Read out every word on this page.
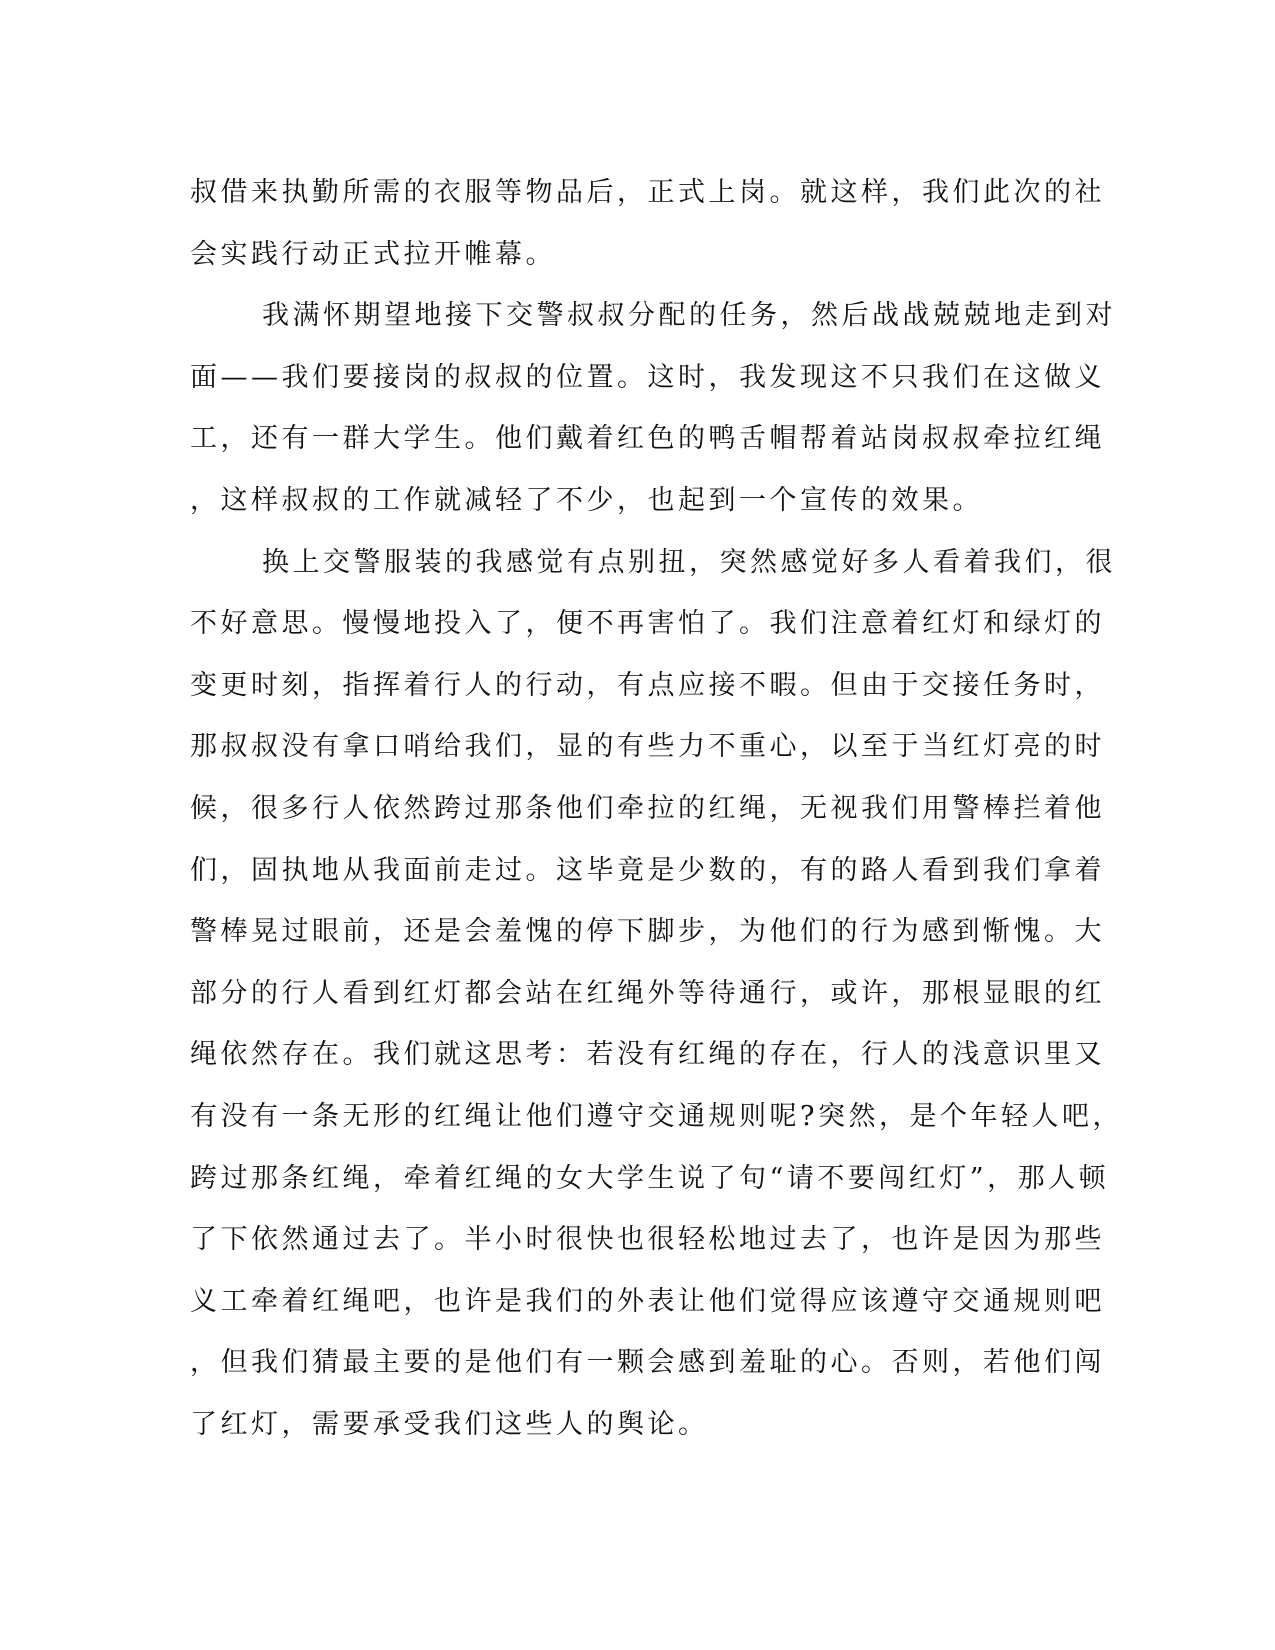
叔借来执勤所需的衣服等物品后，正式上岗。就这样，我们此次的社
会实践行动正式拉开帷幕。
我满怀期望地接下交警叔叔分配的任务，然后战战兢兢地走到对
面——我们要接岗的叔叔的位置。这时，我发现这不只我们在这做义
工，还有一群大学生。他们戴着红色的鸭舌帽帮着站岗叔叔牵拉红绳
，这样叔叔的工作就减轻了不少，也起到一个宣传的效果。
换上交警服装的我感觉有点别扭，突然感觉好多人看着我们，很
不好意思。慢慢地投入了，便不再害怕了。我们注意着红灯和绿灯的
变更时刻，指挥着行人的行动，有点应接不暇。但由于交接任务时，
那叔叔没有拿口哨给我们，显的有些力不重心，以至于当红灯亮的时
候，很多行人依然跨过那条他们牵拉的红绳，无视我们用警棒拦着他
们，固执地从我面前走过。这毕竟是少数的，有的路人看到我们拿着
警棒晃过眼前，还是会羞愧的停下脚步，为他们的行为感到惭愧。大
部分的行人看到红灯都会站在红绳外等待通行，或许，那根显眼的红
绳依然存在。我们就这思考：若没有红绳的存在，行人的浅意识里又
有没有一条无形的红绳让他们遵守交通规则呢?突然，是个年轻人吧，
跨过那条红绳，牵着红绳的女大学生说了句“请不要闯红灯”，那人顿
了下依然通过去了。半小时很快也很轻松地过去了，也许是因为那些
义工牵着红绳吧，也许是我们的外表让他们觉得应该遵守交通规则吧
，但我们猜最主要的是他们有一颗会感到羞耻的心。否则，若他们闯
了红灯，需要承受我们这些人的舆论。
